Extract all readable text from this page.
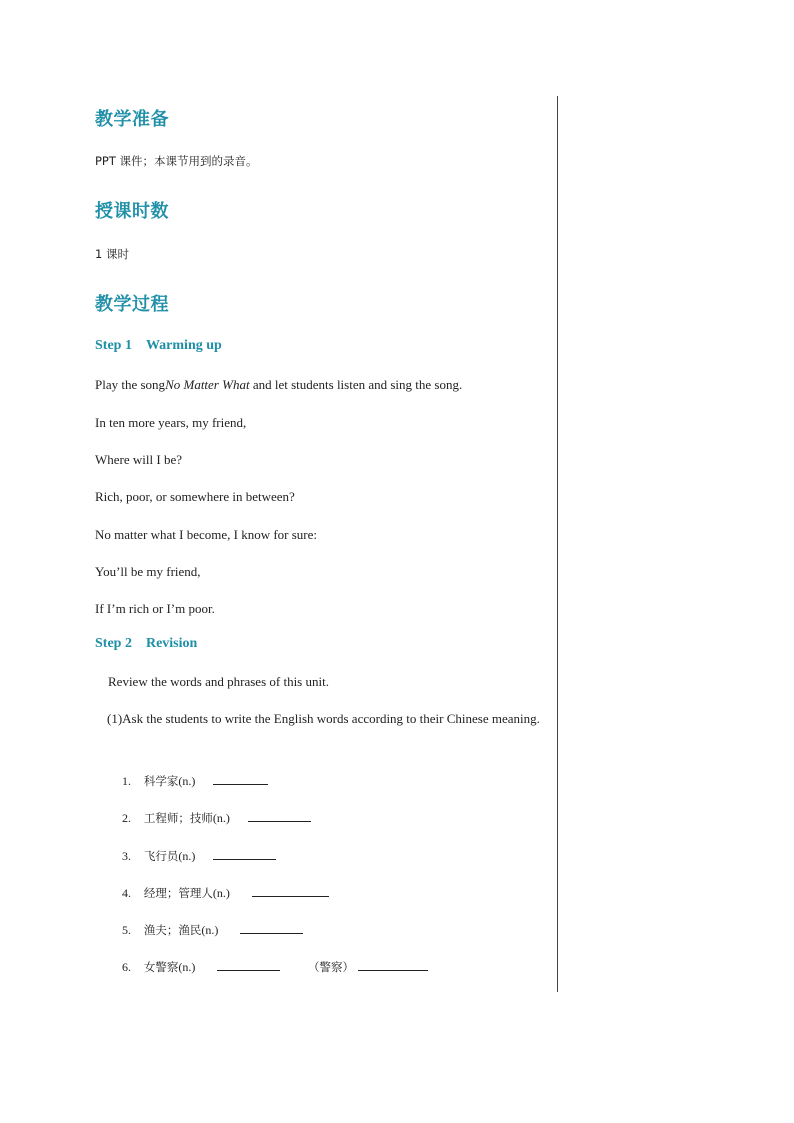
教学准备
PPT 课件；本课节用到的录音。
授课时数
1 课时
教学过程
Step 1 Warming up
Play the songNo Matter What and let students listen and sing the song.
In ten more years, my friend,
Where will I be?
Rich, poor, or somewhere in between?
No matter what I become, I know for sure:
You’ll be my friend,
If I’m rich or I’m poor.
Step 2 Revision
Review the words and phrases of this unit.
(1)Ask the students to write the English words according to their Chinese meaning.
1. 科学家(n.)
2. 工程师；技师(n.)
3. 飞行员(n.)
4. 经理；管理人(n.)
5. 渔夫；渔民(n.)
6. 女警察(n.)	（警察）
